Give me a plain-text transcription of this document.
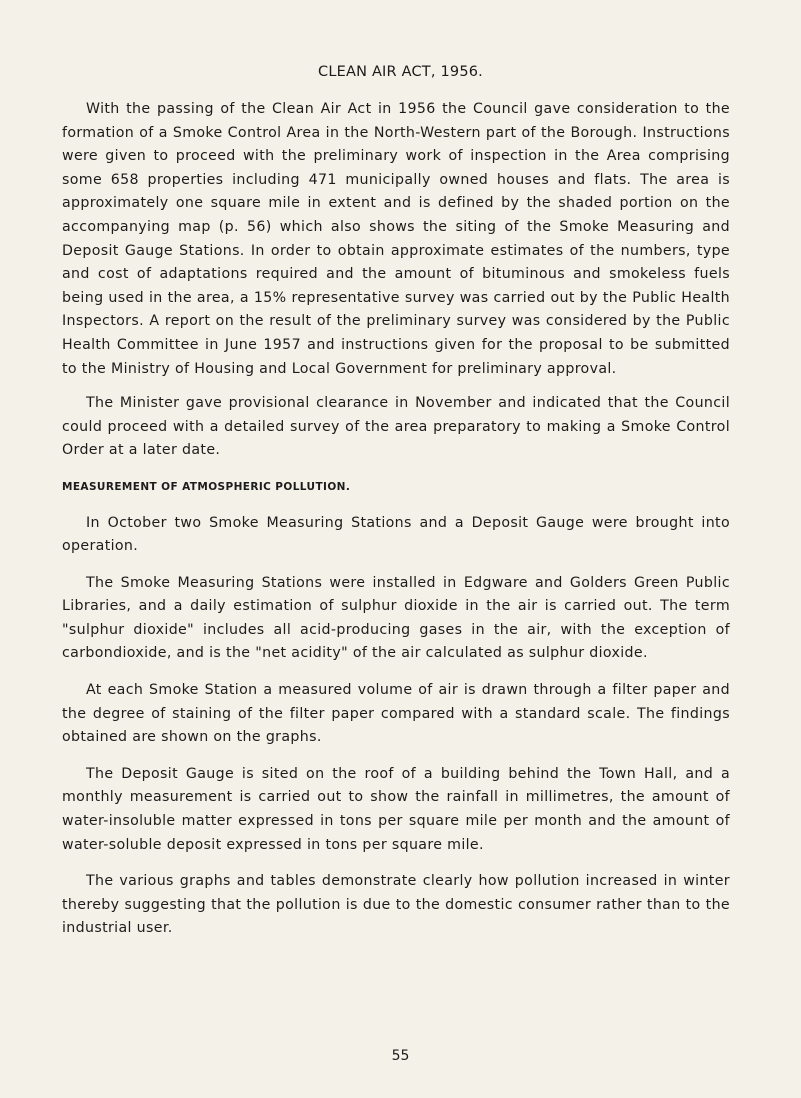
CLEAN AIR ACT, 1956.

With the passing of the Clean Air Act in 1956 the Council gave consideration to the formation of a Smoke Control Area in the North-Western part of the Borough. Instructions were given to proceed with the preliminary work of inspection in the Area comprising some 658 properties including 471 municipally owned houses and flats. The area is approximately one square mile in extent and is defined by the shaded portion on the accompanying map (p. 56) which also shows the siting of the Smoke Measuring and Deposit Gauge Stations. In order to obtain approximate estimates of the numbers, type and cost of adaptations required and the amount of bituminous and smokeless fuels being used in the area, a 15% representative survey was carried out by the Public Health Inspectors. A report on the result of the preliminary survey was considered by the Public Health Committee in June 1957 and instructions given for the proposal to be submitted to the Ministry of Housing and Local Government for preliminary approval.

The Minister gave provisional clearance in November and indicated that the Council could proceed with a detailed survey of the area preparatory to making a Smoke Control Order at a later date.

MEASUREMENT OF ATMOSPHERIC POLLUTION.

In October two Smoke Measuring Stations and a Deposit Gauge were brought into operation.

The Smoke Measuring Stations were installed in Edgware and Golders Green Public Libraries, and a daily estimation of sulphur dioxide in the air is carried out. The term "sulphur dioxide" includes all acid-producing gases in the air, with the exception of carbondioxide, and is the "net acidity" of the air calculated as sulphur dioxide.

At each Smoke Station a measured volume of air is drawn through a filter paper and the degree of staining of the filter paper compared with a standard scale. The findings obtained are shown on the graphs.

The Deposit Gauge is sited on the roof of a building behind the Town Hall, and a monthly measurement is carried out to show the rainfall in millimetres, the amount of water-insoluble matter expressed in tons per square mile per month and the amount of water-soluble deposit expressed in tons per square mile.

The various graphs and tables demonstrate clearly how pollution increased in winter thereby suggesting that the pollution is due to the domestic consumer rather than to the industrial user.

55
